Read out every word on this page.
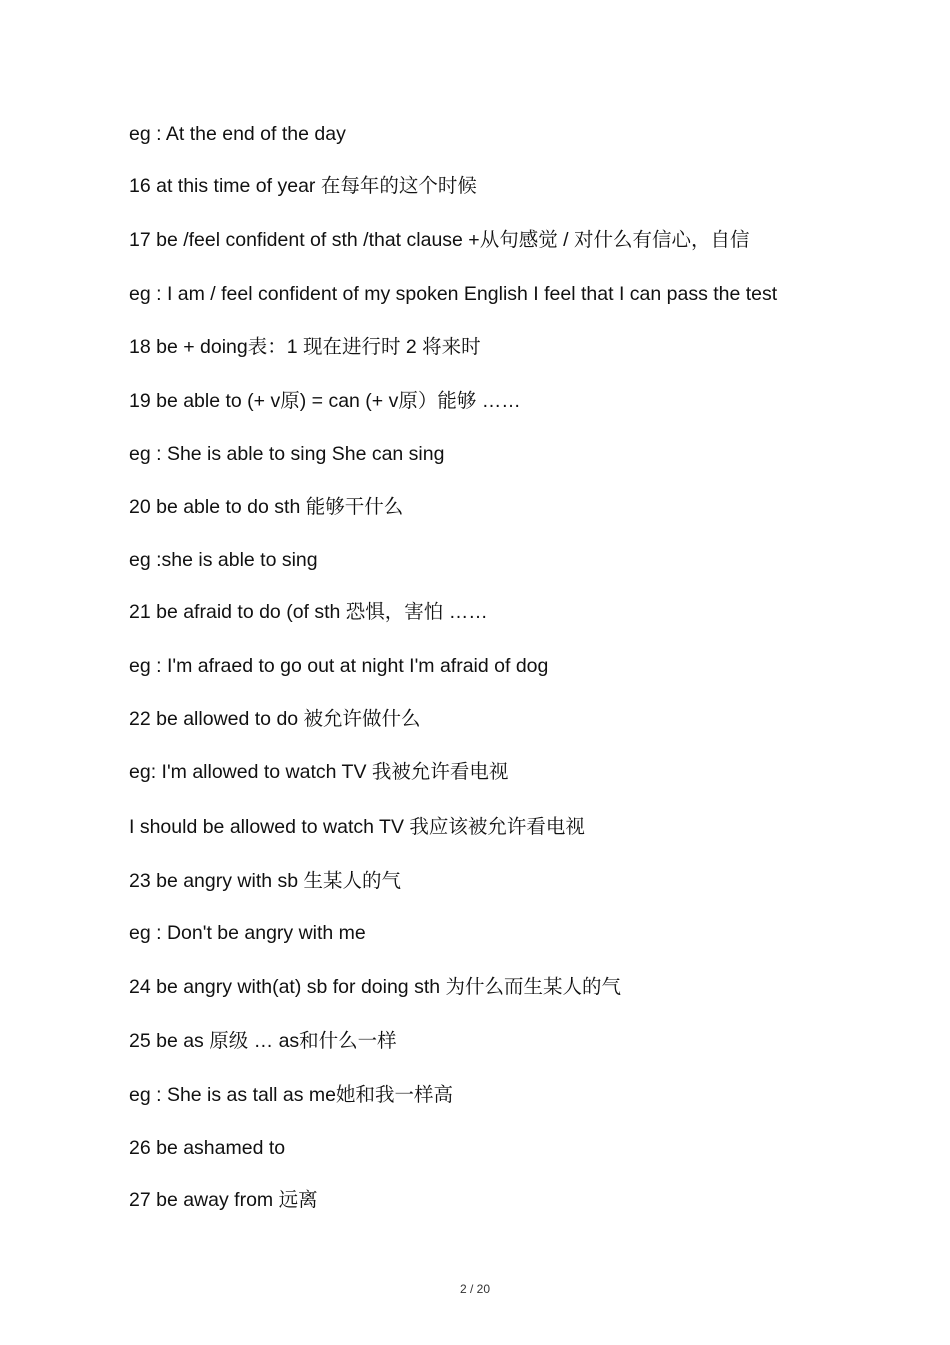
eg : At the end of the day
16 at this time of year 在每年的这个时候
17 be /feel confident of sth /that clause +从句感觉 / 对什么有信心，自信
eg : I am / feel confident of my spoken English I feel that I can pass the test
18 be + doing表：1 现在进行时 2 将来时
19 be able to (+ v原) = can (+ v原）能够 ……
eg : She is able to sing She can sing
20 be able to do sth 能够干什么
eg :she is able to sing
21 be afraid to do (of sth 恐惧，害怕 ……
eg : I'm afraed to go out at night I'm afraid of dog
22 be allowed to do 被允许做什么
eg: I'm allowed to watch TV 我被允许看电视
I should be allowed to watch TV 我应该被允许看电视
23 be angry with sb 生某人的气
eg : Don't be angry with me
24 be angry with(at) sb for doing sth 为什么而生某人的气
25 be as 原级 … as和什么一样
eg : She is as tall as me她和我一样高
26 be ashamed to
27 be away from 远离
2 / 20
